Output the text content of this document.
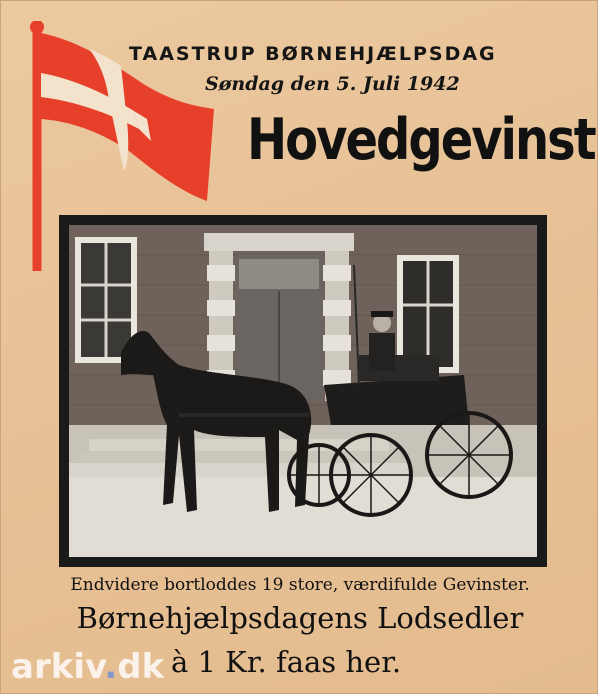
TAASTRUP BØRNEHJÆLPSDAG
Søndag den 5. Juli 1942
Hovedgevinst
Endvidere bortloddes 19 store, værdifulde Gevinster.
Børnehjælpsdagens Lodsedler
à 1 Kr. faas her.
arkiv.dk
